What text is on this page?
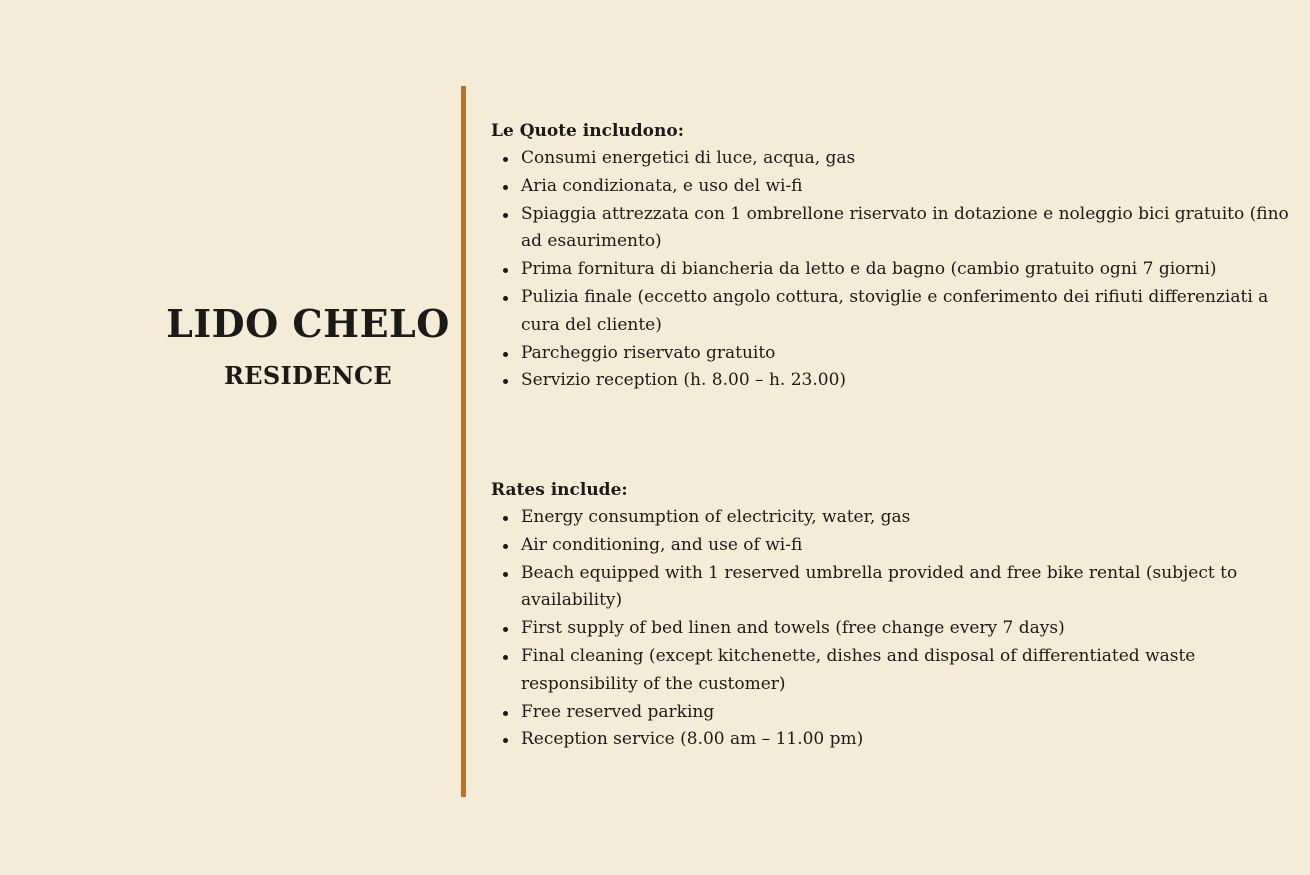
LIDO CHELO
RESIDENCE

Le Quote includono:

Consumi energetici di luce, acqua, gas
Aria condizionata, e uso del wi-fi
Spiaggia attrezzata con 1 ombrellone riservato in dotazione e noleggio bici gratuito (fino ad esaurimento)
Prima fornitura di biancheria da letto e da bagno (cambio gratuito ogni 7 giorni)
Pulizia finale (eccetto angolo cottura, stoviglie e conferimento dei rifiuti differenziati a cura del cliente)
Parcheggio riservato gratuito
Servizio reception (h. 8.00 – h. 23.00)

Rates include:

Energy consumption of electricity, water, gas
Air conditioning, and use of wi-fi
Beach equipped with 1 reserved umbrella provided and free bike rental (subject to availability)
First supply of bed linen and towels (free change every 7 days)
Final cleaning (except kitchenette, dishes and disposal of differentiated waste responsibility of the customer)
Free reserved parking
Reception service (8.00 am – 11.00 pm)
